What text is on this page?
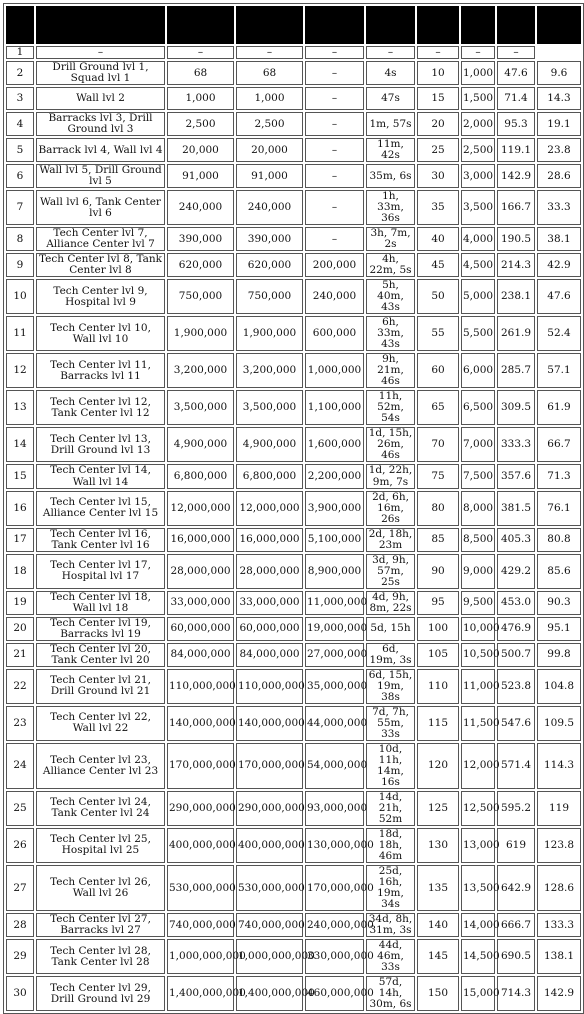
1	–	–	–	–	–	–	–	–	
2	Drill Ground lvl 1, Squad lvl 1	68	68	–	4s	10	1,000	47.6	9.6
3	Wall lvl 2	1,000	1,000	–	47s	15	1,500	71.4	14.3
4	Barracks lvl 3, Drill Ground lvl 3	2,500	2,500	–	1m, 57s	20	2,000	95.3	19.1
5	Barrack lvl 4, Wall lvl 4	20,000	20,000	–	11m, 42s	25	2,500	119.1	23.8
6	Wall lvl 5, Drill Ground lvl 5	91,000	91,000	–	35m, 6s	30	3,000	142.9	28.6
7	Wall lvl 6, Tank Center lvl 6	240,000	240,000	–	1h, 33m, 36s	35	3,500	166.7	33.3
8	Tech Center lvl 7, Alliance Center lvl 7	390,000	390,000	–	3h, 7m, 2s	40	4,000	190.5	38.1
9	Tech Center lvl 8, Tank Center lvl 8	620,000	620,000	200,000	4h, 22m, 5s	45	4,500	214.3	42.9
10	Tech Center lvl 9, Hospital lvl 9	750,000	750,000	240,000	5h, 40m, 43s	50	5,000	238.1	47.6
11	Tech Center lvl 10, Wall lvl 10	1,900,000	1,900,000	600,000	6h, 33m, 43s	55	5,500	261.9	52.4
12	Tech Center lvl 11, Barracks lvl 11	3,200,000	3,200,000	1,000,000	9h, 21m, 46s	60	6,000	285.7	57.1
13	Tech Center lvl 12, Tank Center lvl 12	3,500,000	3,500,000	1,100,000	11h, 52m, 54s	65	6,500	309.5	61.9
14	Tech Center lvl 13, Drill Ground lvl 13	4,900,000	4,900,000	1,600,000	1d, 15h, 26m, 46s	70	7,000	333.3	66.7
15	Tech Center lvl 14, Wall lvl 14	6,800,000	6,800,000	2,200,000	1d, 22h, 9m, 7s	75	7,500	357.6	71.3
16	Tech Center lvl 15, Alliance Center lvl 15	12,000,000	12,000,000	3,900,000	2d, 6h, 16m, 26s	80	8,000	381.5	76.1
17	Tech Center lvl 16, Tank Center lvl 16	16,000,000	16,000,000	5,100,000	2d, 18h, 23m	85	8,500	405.3	80.8
18	Tech Center lvl 17, Hospital lvl 17	28,000,000	28,000,000	8,900,000	3d, 9h, 57m, 25s	90	9,000	429.2	85.6
19	Tech Center lvl 18, Wall lvl 18	33,000,000	33,000,000	11,000,000	4d, 9h, 8m, 22s	95	9,500	453.0	90.3
20	Tech Center lvl 19, Barracks lvl 19	60,000,000	60,000,000	19,000,000	5d, 15h	100	10,000	476.9	95.1
21	Tech Center lvl 20, Tank Center lvl 20	84,000,000	84,000,000	27,000,000	6d, 19m, 3s	105	10,500	500.7	99.8
22	Tech Center lvl 21, Drill Ground lvl 21	110,000,000	110,000,000	35,000,000	6d, 15h, 19m, 38s	110	11,000	523.8	104.8
23	Tech Center lvl 22, Wall lvl 22	140,000,000	140,000,000	44,000,000	7d, 7h, 55m, 33s	115	11,500	547.6	109.5
24	Tech Center lvl 23, Alliance Center lvl 23	170,000,000	170,000,000	54,000,000	10d, 11h, 14m, 16s	120	12,000	571.4	114.3
25	Tech Center lvl 24, Tank Center lvl 24	290,000,000	290,000,000	93,000,000	14d, 21h, 52m	125	12,500	595.2	119
26	Tech Center lvl 25, Hospital lvl 25	400,000,000	400,000,000	130,000,000	18d, 18h, 46m	130	13,000	619	123.8
27	Tech Center lvl 26, Wall lvl 26	530,000,000	530,000,000	170,000,000	25d, 16h, 19m, 34s	135	13,500	642.9	128.6
28	Tech Center lvl 27, Barracks lvl 27	740,000,000	740,000,000	240,000,000	34d, 8h, 31m, 3s	140	14,000	666.7	133.3
29	Tech Center lvl 28, Tank Center lvl 28	1,000,000,000	1,000,000,000	330,000,000	44d, 46m, 33s	145	14,500	690.5	138.1
30	Tech Center lvl 29, Drill Ground lvl 29	1,400,000,000	1,400,000,000	460,000,000	57d, 14h, 30m, 6s	150	15,000	714.3	142.9
